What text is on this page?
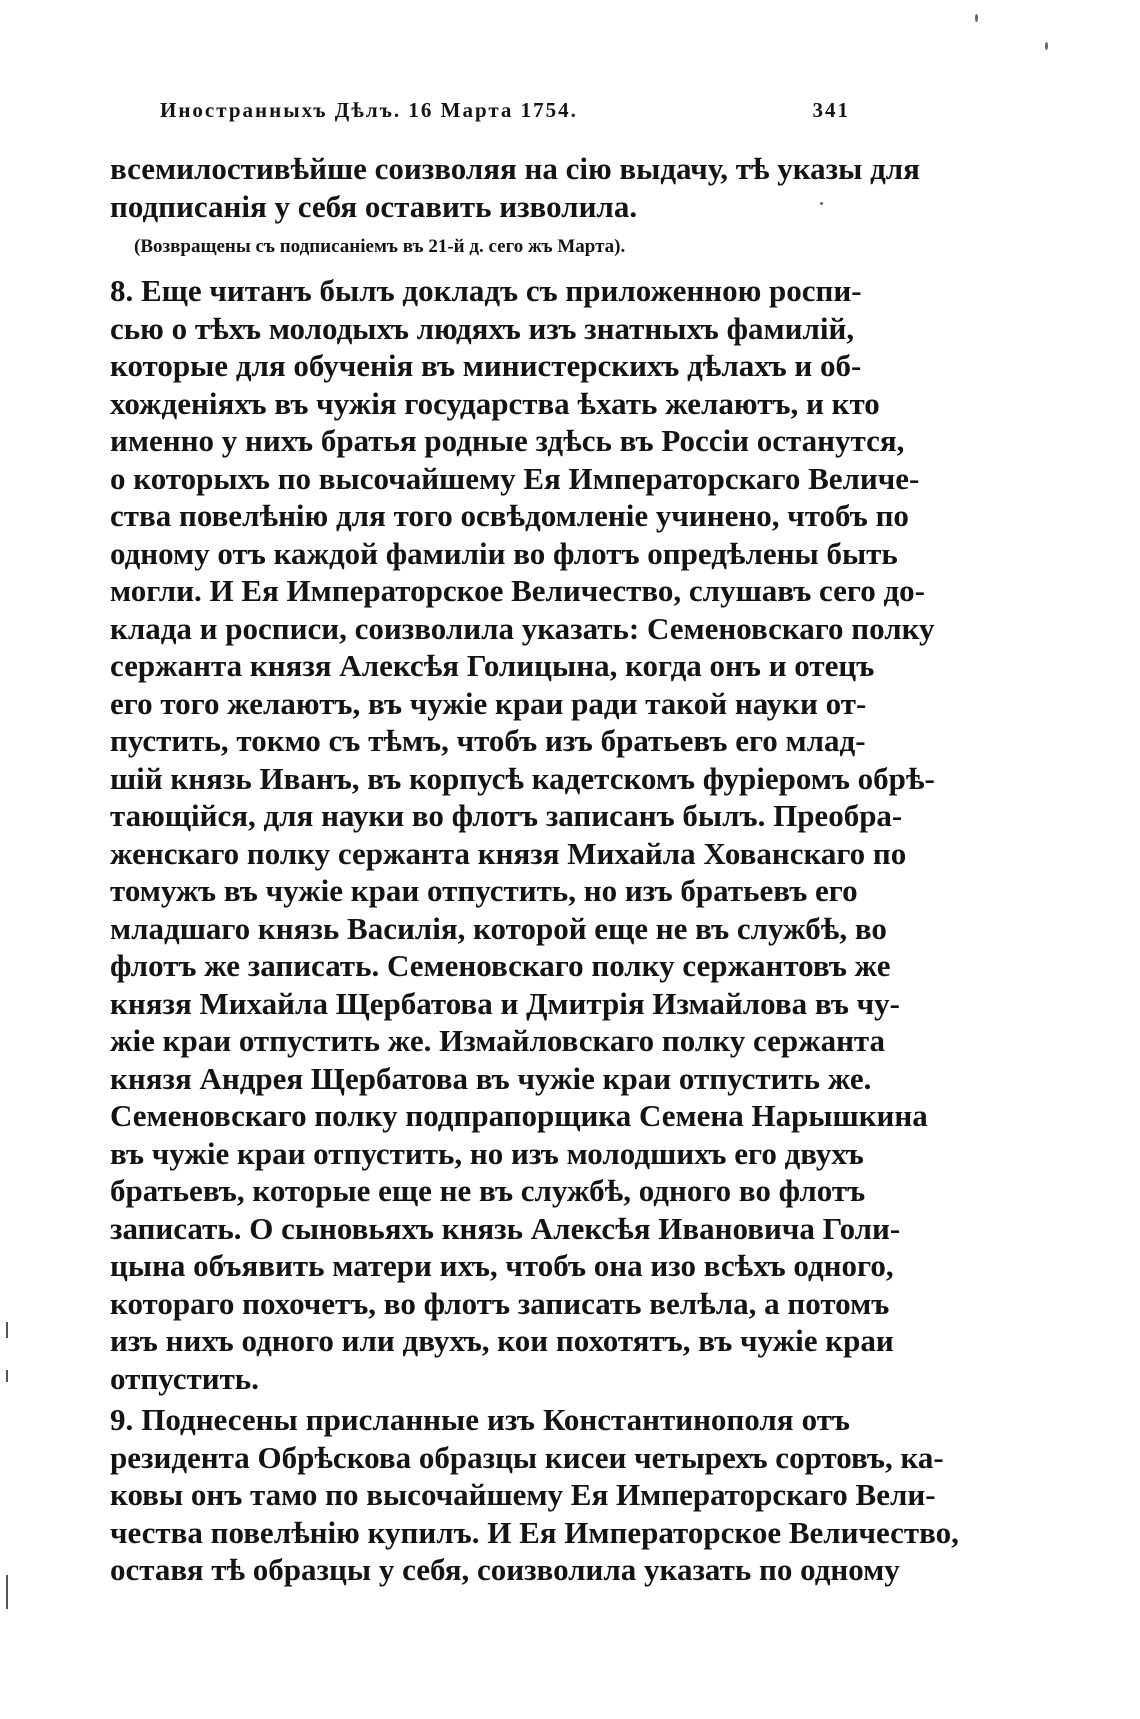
Иностранныхъ Дѣлъ. 16 Марта 1754.	341
всемилостивѣйше соизволяя на сію выдачу, тѣ указы для
подписанія у себя оставить изволила.
(Возвращены съ подписаніемъ въ 21-й д. сего жъ Марта).
8. Еще читанъ былъ докладъ съ приложенною роспи-
сью о тѣхъ молодыхъ людяхъ изъ знатныхъ фамилій,
которые для обученія въ министерскихъ дѣлахъ и об-
хожденіяхъ въ чужія государства ѣхать желаютъ, и кто
именно у нихъ братья родные здѣсь въ Россіи останутся,
о которыхъ по высочайшему Ея Императорскаго Величе-
ства повелѣнію для того освѣдомленіе учинено, чтобъ по
одному отъ каждой фамиліи во флотъ опредѣлены быть
могли. И Ея Императорское Величество, слушавъ сего до-
клада и росписи, соизволила указать: Семеновскаго полку
сержанта князя Алексѣя Голицына, когда онъ и отецъ
его того желаютъ, въ чужіе краи ради такой науки от-
пустить, токмо съ тѣмъ, чтобъ изъ братьевъ его млад-
шій князь Иванъ, въ корпусѣ кадетскомъ фуріеромъ обрѣ-
тающійся, для науки во флотъ записанъ былъ. Преобра-
женскаго полку сержанта князя Михайла Хованскаго по
томужъ въ чужіе краи отпустить, но изъ братьевъ его
младшаго князь Василія, которой еще не въ службѣ, во
флотъ же записать. Семеновскаго полку сержантовъ же
князя Михайла Щербатова и Дмитрія Измайлова въ чу-
жіе краи отпустить же. Измайловскаго полку сержанта
князя Андрея Щербатова въ чужіе краи отпустить же.
Семеновскаго полку подпрапорщика Семена Нарышкина
въ чужіе краи отпустить, но изъ молодшихъ его двухъ
братьевъ, которые еще не въ службѣ, одного во флотъ
записать. О сыновьяхъ князь Алексѣя Ивановича Голи-
цына объявить матери ихъ, чтобъ она изо всѣхъ одного,
котораго похочетъ, во флотъ записать велѣла, а потомъ
изъ нихъ одного или двухъ, кои похотятъ, въ чужіе краи
отпустить.
9. Поднесены присланные изъ Константинополя отъ
резидента Обрѣскова образцы кисеи четырехъ сортовъ, ка-
ковы онъ тамо по высочайшему Ея Императорскаго Вели-
чества повелѣнію купилъ. И Ея Императорское Величество,
оставя тѣ образцы у себя, соизволила указать по одному
